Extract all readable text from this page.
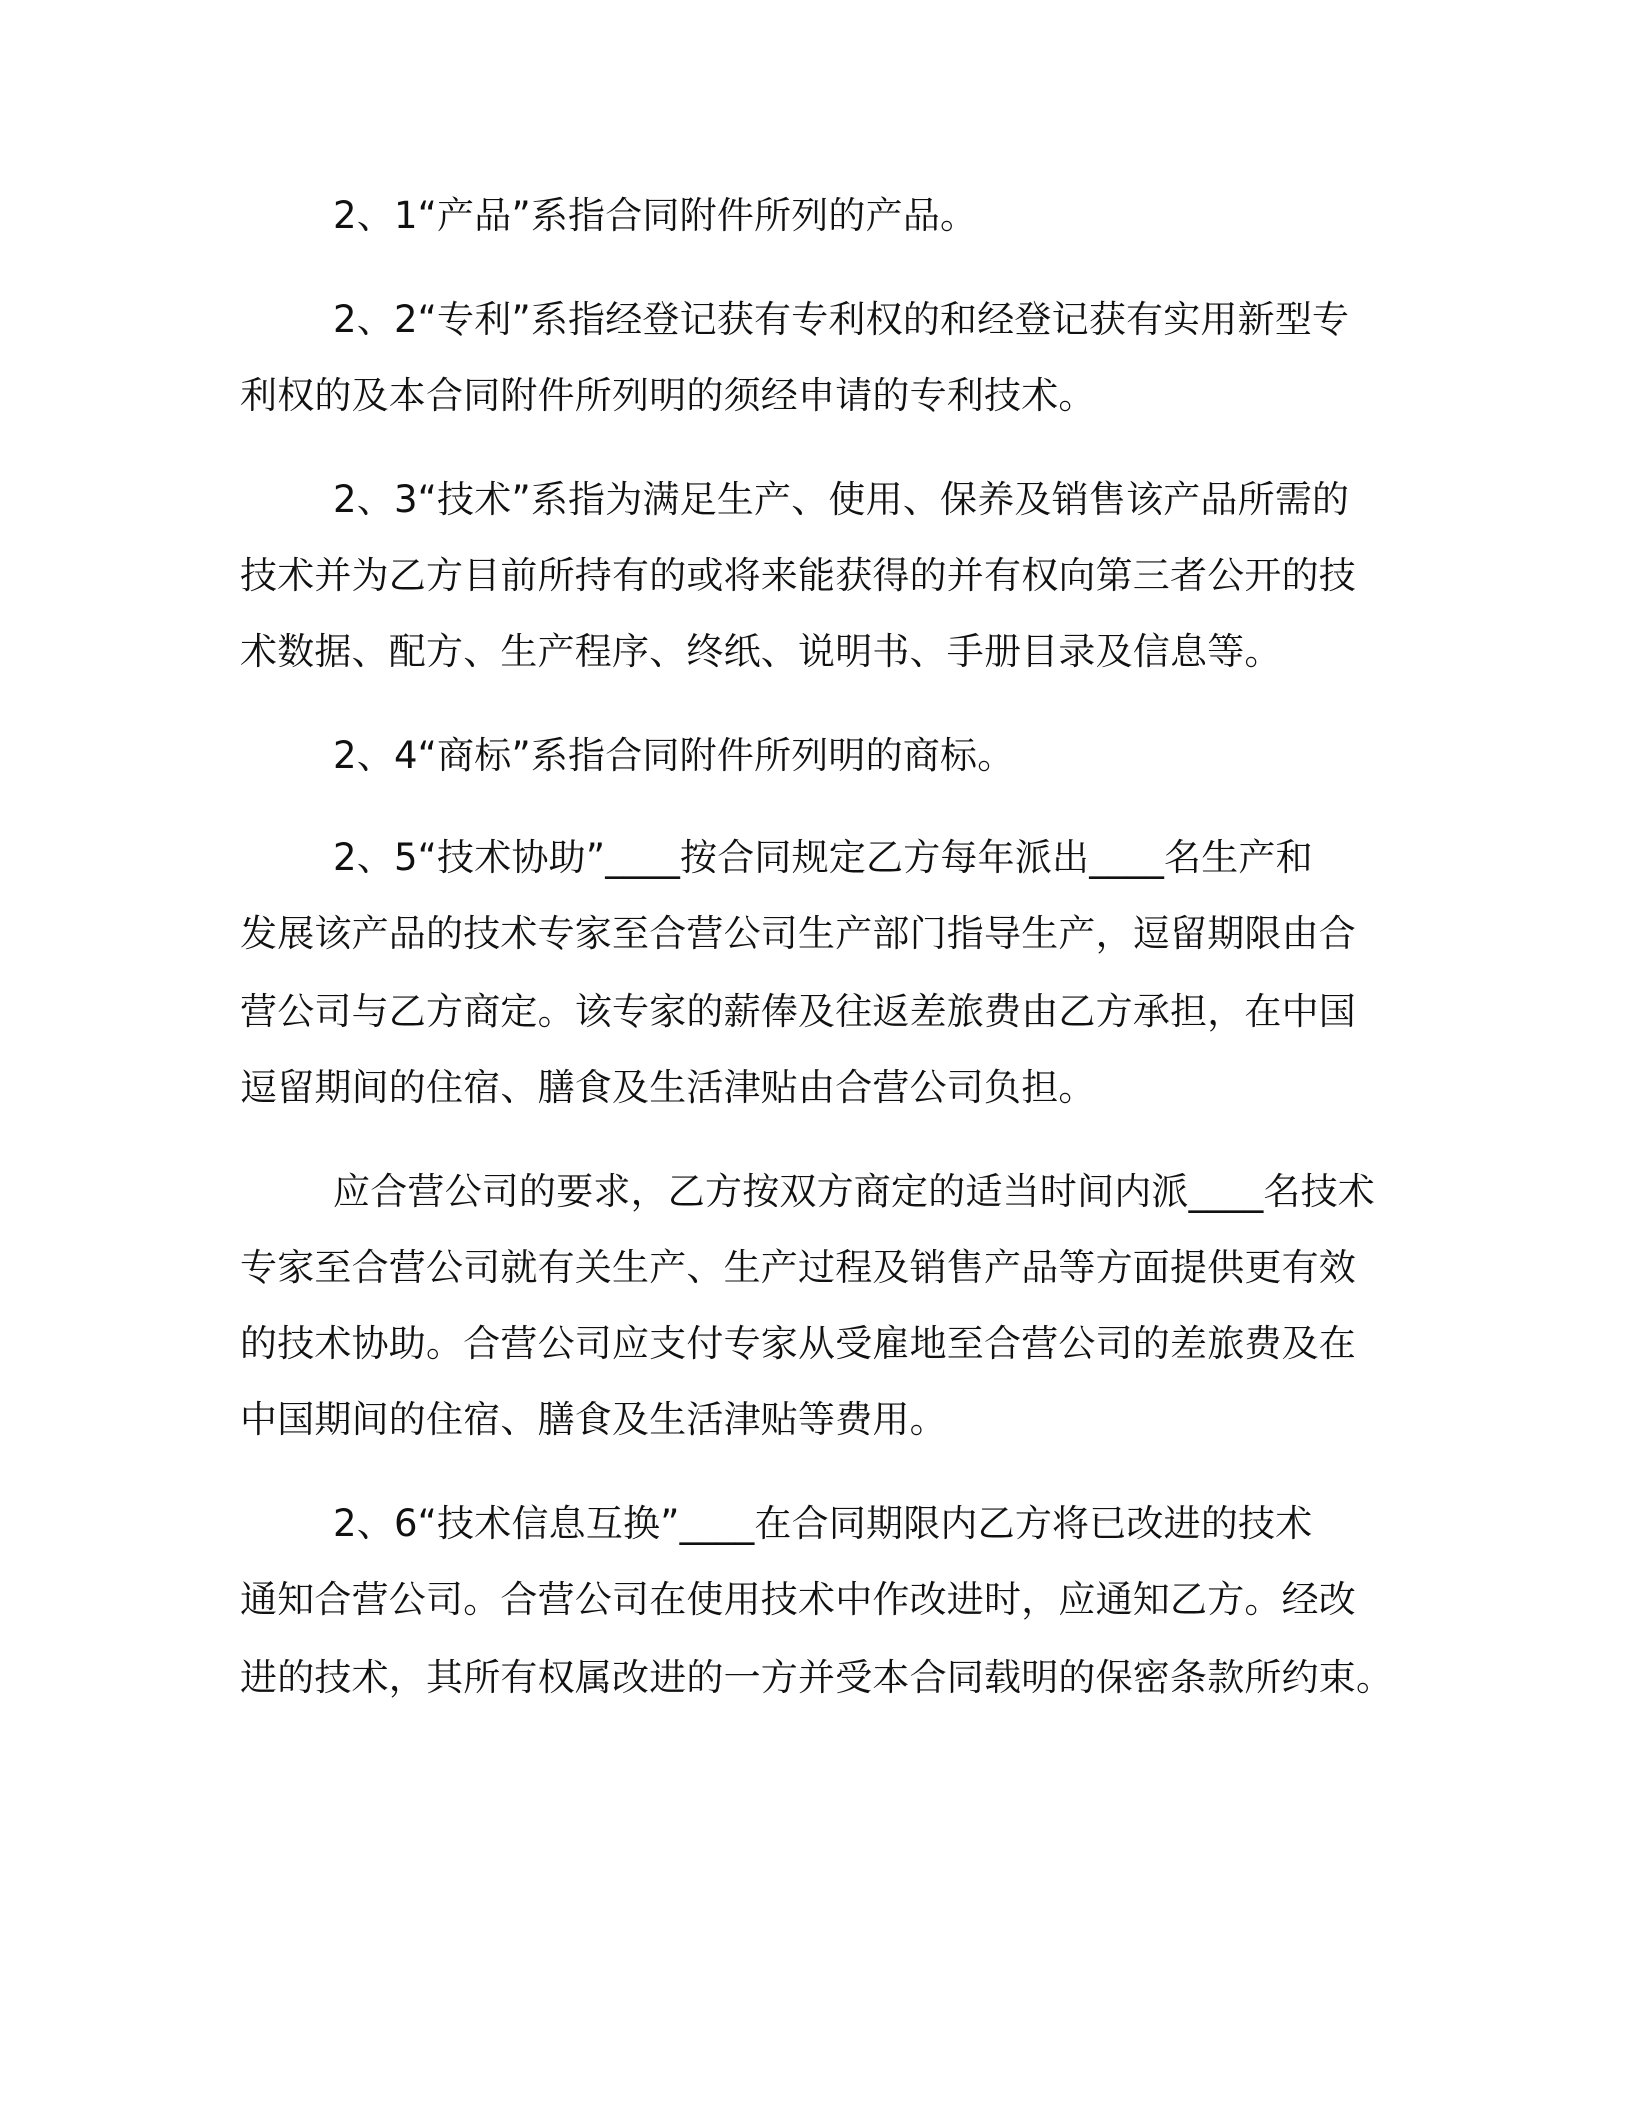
2、1“产品”系指合同附件所列的产品。

2、2“专利”系指经登记获有专利权的和经登记获有实用新型专

利权的及本合同附件所列明的须经申请的专利技术。

2、3“技术”系指为满足生产、使用、保养及销售该产品所需的

技术并为乙方目前所持有的或将来能获得的并有权向第三者公开的技

术数据、配方、生产程序、终纸、说明书、手册目录及信息等。

2、4“商标”系指合同附件所列明的商标。

2、5“技术协助”____按合同规定乙方每年派出____名生产和

发展该产品的技术专家至合营公司生产部门指导生产，逗留期限由合

营公司与乙方商定。该专家的薪俸及往返差旅费由乙方承担，在中国

逗留期间的住宿、膳食及生活津贴由合营公司负担。

应合营公司的要求，乙方按双方商定的适当时间内派____名技术

专家至合营公司就有关生产、生产过程及销售产品等方面提供更有效

的技术协助。合营公司应支付专家从受雇地至合营公司的差旅费及在

中国期间的住宿、膳食及生活津贴等费用。

2、6“技术信息互换”____在合同期限内乙方将已改进的技术

通知合营公司。合营公司在使用技术中作改进时，应通知乙方。经改

进的技术，其所有权属改进的一方并受本合同载明的保密条款所约束。
